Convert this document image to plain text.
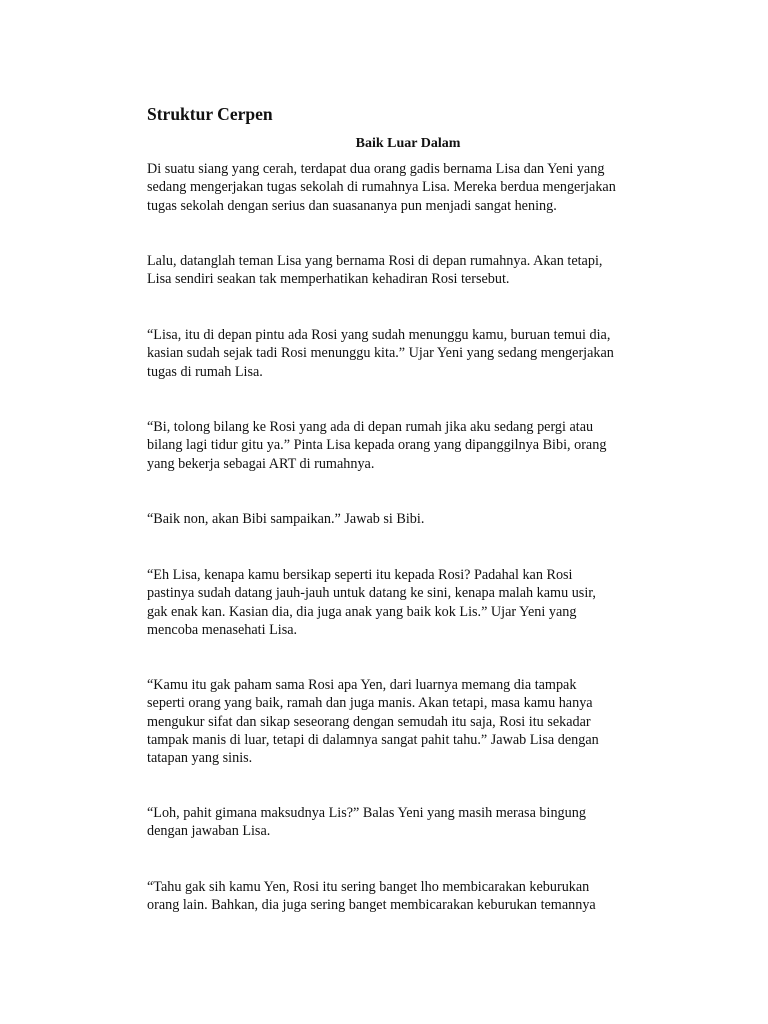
Struktur Cerpen
Baik Luar Dalam

Di suatu siang yang cerah, terdapat dua orang gadis bernama Lisa dan Yeni yang
sedang mengerjakan tugas sekolah di rumahnya Lisa. Mereka berdua mengerjakan
tugas sekolah dengan serius dan suasananya pun menjadi sangat hening.

Lalu, datanglah teman Lisa yang bernama Rosi di depan rumahnya. Akan tetapi,
Lisa sendiri seakan tak memperhatikan kehadiran Rosi tersebut.

“Lisa, itu di depan pintu ada Rosi yang sudah menunggu kamu, buruan temui dia,
kasian sudah sejak tadi Rosi menunggu kita.” Ujar Yeni yang sedang mengerjakan
tugas di rumah Lisa.

“Bi, tolong bilang ke Rosi yang ada di depan rumah jika aku sedang pergi atau
bilang lagi tidur gitu ya.” Pinta Lisa kepada orang yang dipanggilnya Bibi, orang
yang bekerja sebagai ART di rumahnya.

“Baik non, akan Bibi sampaikan.” Jawab si Bibi.

“Eh Lisa, kenapa kamu bersikap seperti itu kepada Rosi? Padahal kan Rosi
pastinya sudah datang jauh-jauh untuk datang ke sini, kenapa malah kamu usir,
gak enak kan. Kasian dia, dia juga anak yang baik kok Lis.” Ujar Yeni yang
mencoba menasehati Lisa.

“Kamu itu gak paham sama Rosi apa Yen, dari luarnya memang dia tampak
seperti orang yang baik, ramah dan juga manis. Akan tetapi, masa kamu hanya
mengukur sifat dan sikap seseorang dengan semudah itu saja, Rosi itu sekadar
tampak manis di luar, tetapi di dalamnya sangat pahit tahu.” Jawab Lisa dengan
tatapan yang sinis.

“Loh, pahit gimana maksudnya Lis?” Balas Yeni yang masih merasa bingung
dengan jawaban Lisa.

“Tahu gak sih kamu Yen, Rosi itu sering banget lho membicarakan keburukan
orang lain. Bahkan, dia juga sering banget membicarakan keburukan temannya
